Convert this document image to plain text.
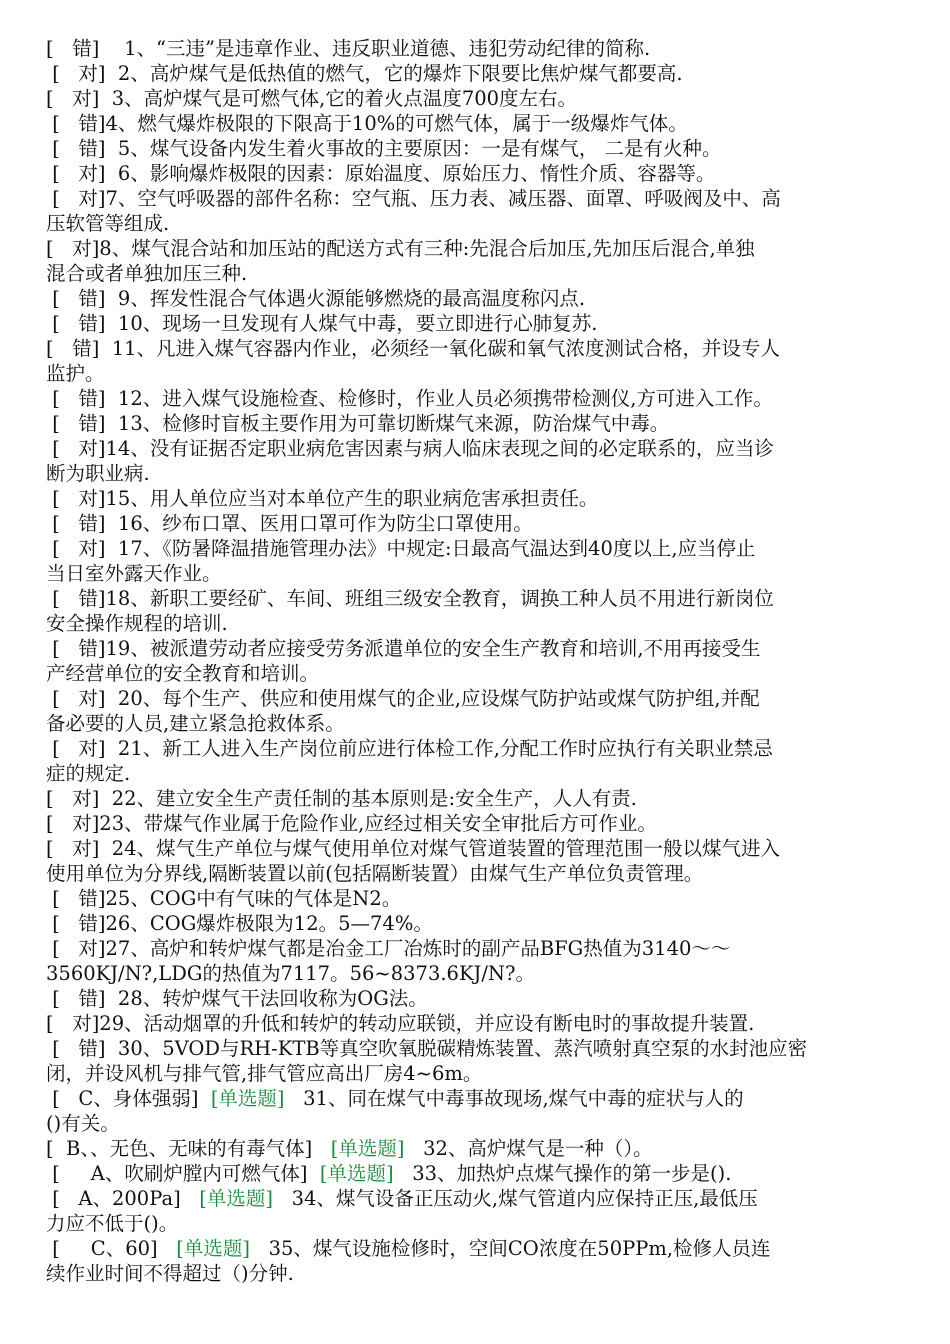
[   错]    1、“三违”是违章作业、违反职业道德、违犯劳动纪律的简称.
[   对]  2、高炉煤气是低热值的燃气，它的爆炸下限要比焦炉煤气都要高.
[   对]  3、高炉煤气是可燃气体,它的着火点温度700度左右。
[   错]4、燃气爆炸极限的下限高于10%的可燃气体，属于一级爆炸气体。
[   错]  5、煤气设备内发生着火事故的主要原因：一是有煤气， 二是有火种。
[   对]  6、影响爆炸极限的因素：原始温度、原始压力、惰性介质、容器等。
[   对]7、空气呼吸器的部件名称：空气瓶、压力表、减压器、面罩、呼吸阀及中、高
压软管等组成.
[   对]8、煤气混合站和加压站的配送方式有三种:先混合后加压,先加压后混合,单独
混合或者单独加压三种.
[   错]  9、挥发性混合气体遇火源能够燃烧的最高温度称闪点.
[   错]  10、现场一旦发现有人煤气中毒，要立即进行心肺复苏.
[   错]  11、凡进入煤气容器内作业，必须经一氧化碳和氧气浓度测试合格，并设专人
监护。
[   错]  12、进入煤气设施检查、检修时，作业人员必须携带检测仪,方可进入工作。
[   错]  13、检修时盲板主要作用为可靠切断煤气来源，防治煤气中毒。
[   对]14、没有证据否定职业病危害因素与病人临床表现之间的必定联系的，应当诊
断为职业病.
[   对]15、用人单位应当对本单位产生的职业病危害承担责任。
[   错]  16、纱布口罩、医用口罩可作为防尘口罩使用。
[   对]  17、《防暑降温措施管理办法》中规定:日最高气温达到40度以上,应当停止
当日室外露天作业。
[   错]18、新职工要经矿、车间、班组三级安全教育，调换工种人员不用进行新岗位
安全操作规程的培训.
[   错]19、被派遣劳动者应接受劳务派遣单位的安全生产教育和培训,不用再接受生
产经营单位的安全教育和培训。
[   对]  20、每个生产、供应和使用煤气的企业,应设煤气防护站或煤气防护组,并配
备必要的人员,建立紧急抢救体系。
[   对]  21、新工人进入生产岗位前应进行体检工作,分配工作时应执行有关职业禁忌
症的规定.
[   对]  22、建立安全生产责任制的基本原则是:安全生产，人人有责.
[   对]23、带煤气作业属于危险作业,应经过相关安全审批后方可作业。
[   对]  24、煤气生产单位与煤气使用单位对煤气管道装置的管理范围一般以煤气进入
使用单位为分界线,隔断装置以前(包括隔断装置）由煤气生产单位负责管理。
[   错]25、COG中有气味的气体是N2。
[   错]26、COG爆炸极限为12。5—74%。
[   对]27、高炉和转炉煤气都是冶金工厂冶炼时的副产品BFG热值为3140～～
3560KJ/N?,LDG的热值为7117。56~8373.6KJ/N?。
[   错]  28、转炉煤气干法回收称为OG法。
[   对]29、活动烟罩的升低和转炉的转动应联锁，并应设有断电时的事故提升装置.
[   错]  30、5VOD与RH-KTB等真空吹氧脱碳精炼装置、蒸汽喷射真空泵的水封池应密
闭，并设风机与排气管,排气管应高出厂房4~6m。
[   C、身体强弱]  [单选题]   31、同在煤气中毒事故现场,煤气中毒的症状与人的
()有关。
[  B、、无色、无味的有毒气体]   [单选题]   32、高炉煤气是一种（）。
[     A、吹刷炉膛内可燃气体]  [单选题]   33、加热炉点煤气操作的第一步是().
[   A、200Pa]   [单选题]   34、煤气设备正压动火,煤气管道内应保持正压,最低压
力应不低于()。
[     C、60]   [单选题]   35、煤气设施检修时，空间CO浓度在50PPm,检修人员连
续作业时间不得超过（)分钟.
